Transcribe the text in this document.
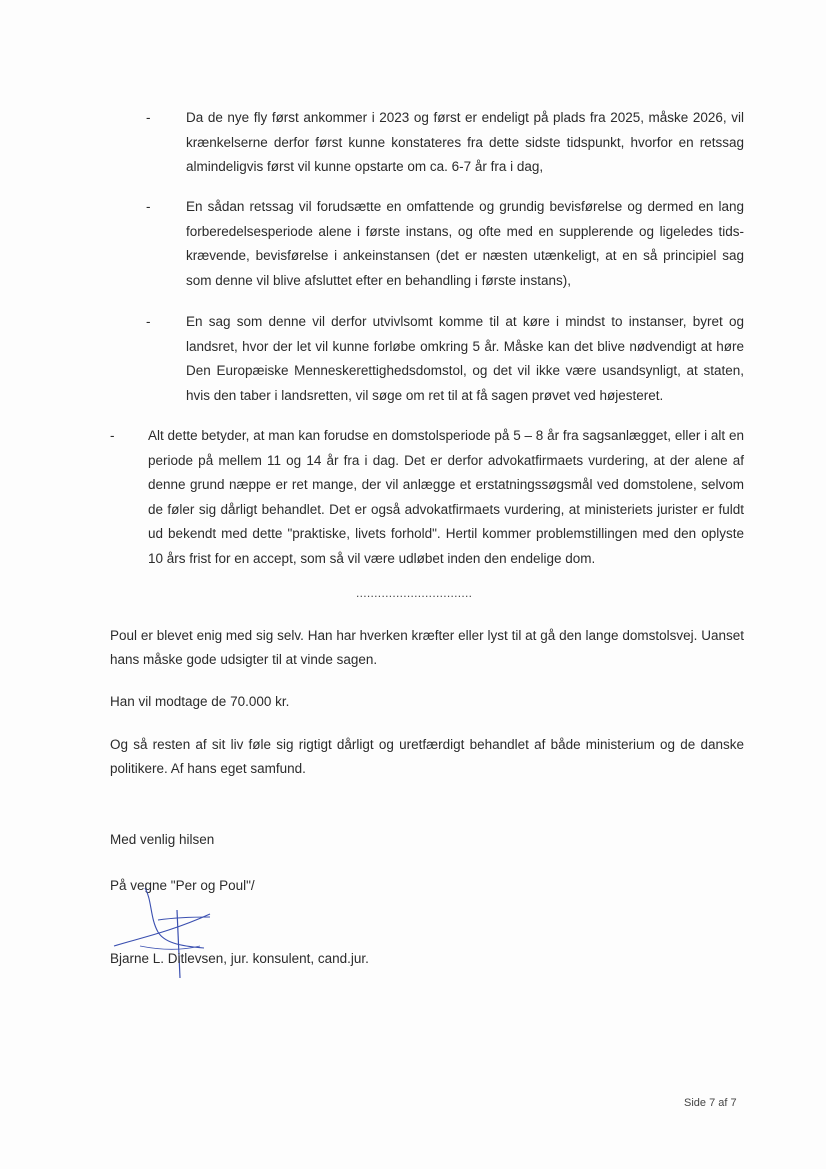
-	Da de nye fly først ankommer i 2023 og først er endeligt på plads fra 2025, måske 2026, vil krænkelserne derfor først kunne konstateres fra dette sidste tidspunkt, hvorfor en retssag almindeligvis først vil kunne opstarte om ca. 6-7 år fra i dag,
-	En sådan retssag vil forudsætte en omfattende og grundig bevisførelse og dermed en lang forberedelsesperiode alene i første instans, og ofte med en supplerende og ligeledes tids-krævende, bevisførelse i ankeinstansen (det er næsten utænkeligt, at en så principiel sag som denne vil blive afsluttet efter en behandling i første instans),
-	En sag som denne vil derfor utvivlsomt komme til at køre i mindst to instanser, byret og landsret, hvor der let vil kunne forløbe omkring 5 år. Måske kan det blive nødvendigt at høre Den Europæiske Menneskerettighedsdomstol, og det vil ikke være usandsynligt, at staten, hvis den taber i landsretten, vil søge om ret til at få sagen prøvet ved højesteret.
- Alt dette betyder, at man kan forudse en domstolsperiode på 5 – 8 år fra sagsanlægget, eller i alt en periode på mellem 11 og 14 år fra i dag. Det er derfor advokatfirmaets vurdering, at der alene af denne grund næppe er ret mange, der vil anlægge et erstatningssøgsmål ved domstolene, selvom de føler sig dårligt behandlet. Det er også advokatfirmaets vurdering, at ministeriets jurister er fuldt ud bekendt med dette "praktiske, livets forhold". Hertil kommer problemstillingen med den oplyste 10 års frist for en accept, som så vil være udløbet inden den endelige dom.
................................
Poul er blevet enig med sig selv. Han har hverken kræfter eller lyst til at gå den lange domstolsvej. Uanset hans måske gode udsigter til at vinde sagen.
Han vil modtage de 70.000 kr.
Og så resten af sit liv føle sig rigtigt dårligt og uretfærdigt behandlet af både ministerium og de danske politikere. Af hans eget samfund.
Med venlig hilsen
På vegne "Per og Poul"/
Bjarne L. Ditlevsen, jur. konsulent, cand.jur.
Side 7 af 7
